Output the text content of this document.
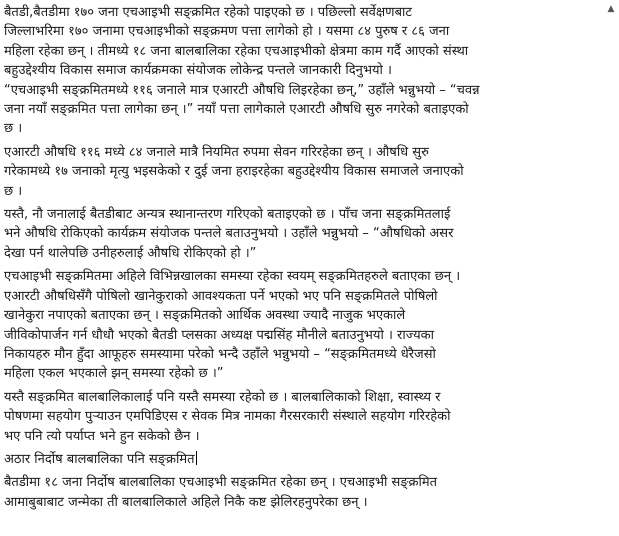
बैतडी,बैतडीमा १७० जना एचआइभी सङ्क्रमित रहेको पाइएको छ । पछिल्लो सर्वेक्षणबाट
जिल्लाभरिमा १७० जनामा एचआइभीको सङ्क्रमण पत्ता लागेको हो । यसमा ८४ पुरुष र ८६ जना
महिला रहेका छन् । तीमध्ये १८ जना बालबालिका रहेका एचआइभीको क्षेत्रमा काम गर्दै आएको संस्था
बहुउद्देश्यीय विकास समाज कार्यक्रमका संयोजक लोकेन्द्र पन्तले जानकारी दिनुभयो ।
“एचआइभी सङ्क्रमितमध्ये ११६ जनाले मात्र एआरटी औषधि लिइरहेका छन्,” उहाँले भन्नुभयो – “चवन्न
जना नयाँ सङ्क्रमित पत्ता लागेका छन् ।” नयाँ पत्ता लागेकाले एआरटी औषधि सुरु नगरेको बताइएको
छ ।

एआरटी औषधि ११६ मध्ये ८४ जनाले मात्रै नियमित रुपमा सेवन गरिरहेका छन् । औषधि सुरु
गरेकामध्ये १७ जनाको मृत्यु भइसकेको र दुई जना हराइरहेका बहुउद्देश्यीय विकास समाजले जनाएको
छ ।

यस्तै, नौ जनालाई बैतडीबाट अन्यत्र स्थानान्तरण गरिएको बताइएको छ । पाँच जना सङ्क्रमितलाई
भने औषधि रोकिएको कार्यक्रम संयोजक पन्तले बताउनुभयो । उहाँले भन्नुभयो – “औषधिको असर
देखा पर्न थालेपछि उनीहरुलाई औषधि रोकिएको हो ।”

एचआइभी सङ्क्रमितमा अहिले विभिन्नखालका समस्या रहेका स्वयम् सङ्क्रमितहरुले बताएका छन् ।
एआरटी औषधिसँगै पोषिलो खानेकुराको आवश्यकता पर्ने भएको भए पनि सङ्क्रमितले पोषिलो
खानेकुरा नपाएको बताएका छन् । सङ्क्रमितको आर्थिक अवस्था ज्यादै नाजुक भएकाले
जीविकोपार्जन गर्न धौधौ भएको बैतडी प्लसका अध्यक्ष पद्मसिंह मौनीले बताउनुभयो । राज्यका
निकायहरु मौन हुँदा आफूहरु समस्यामा परेको भन्दै उहाँले भन्नुभयो – “सङ्क्रमितमध्ये धेरैजसो
महिला एकल भएकाले झन् समस्या रहेको छ ।”

यस्तै सङ्क्रमित बालबालिकालाई पनि यस्तै समस्या रहेको छ । बालबालिकाको शिक्षा, स्वास्थ्य र
पोषणमा सहयोग पुर्‍याउन एमपिडिएस र सेवक मित्र नामका गैरसरकारी संस्थाले सहयोग गरिरहेको
भए पनि त्यो पर्याप्त भने हुन सकेको छैन ।

अठार निर्दोष बालबालिका पनि सङ्क्रमित

बैतडीमा १८ जना निर्दोष बालबालिका एचआइभी सङ्क्रमित रहेका छन् । एचआइभी सङ्क्रमित
आमाबुबाबाट जन्मेका ती बालबालिकाले अहिले निकै कष्ट झेलिरहनुपरेका छन् ।

▲
